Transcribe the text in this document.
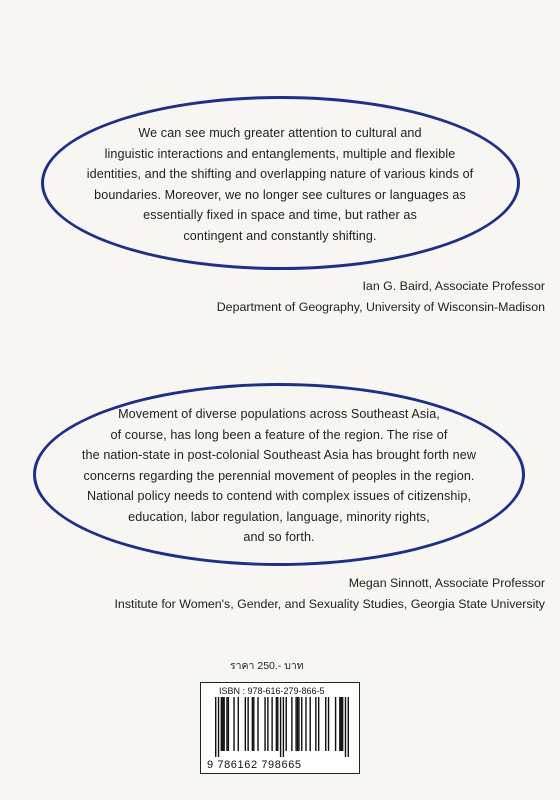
We can see much greater attention to cultural and
linguistic interactions and entanglements, multiple and flexible
identities, and the shifting and overlapping nature of various kinds of
boundaries. Moreover, we no longer see cultures or languages as
essentially fixed in space and time, but rather as
contingent and constantly shifting.
Ian G. Baird, Associate Professor
Department of Geography, University of Wisconsin-Madison
Movement of diverse populations across Southeast Asia,
of course, has long been a feature of the region. The rise of
the nation-state in post-colonial Southeast Asia has brought forth new
concerns regarding the perennial movement of peoples in the region.
National policy needs to contend with complex issues of citizenship,
education, labor regulation, language, minority rights,
and so forth.
Megan Sinnott, Associate Professor
Institute for Women's, Gender, and Sexuality Studies, Georgia State University
ราคา 250.- บาท
ISBN : 978-616-279-866-5
9 786162 798665
